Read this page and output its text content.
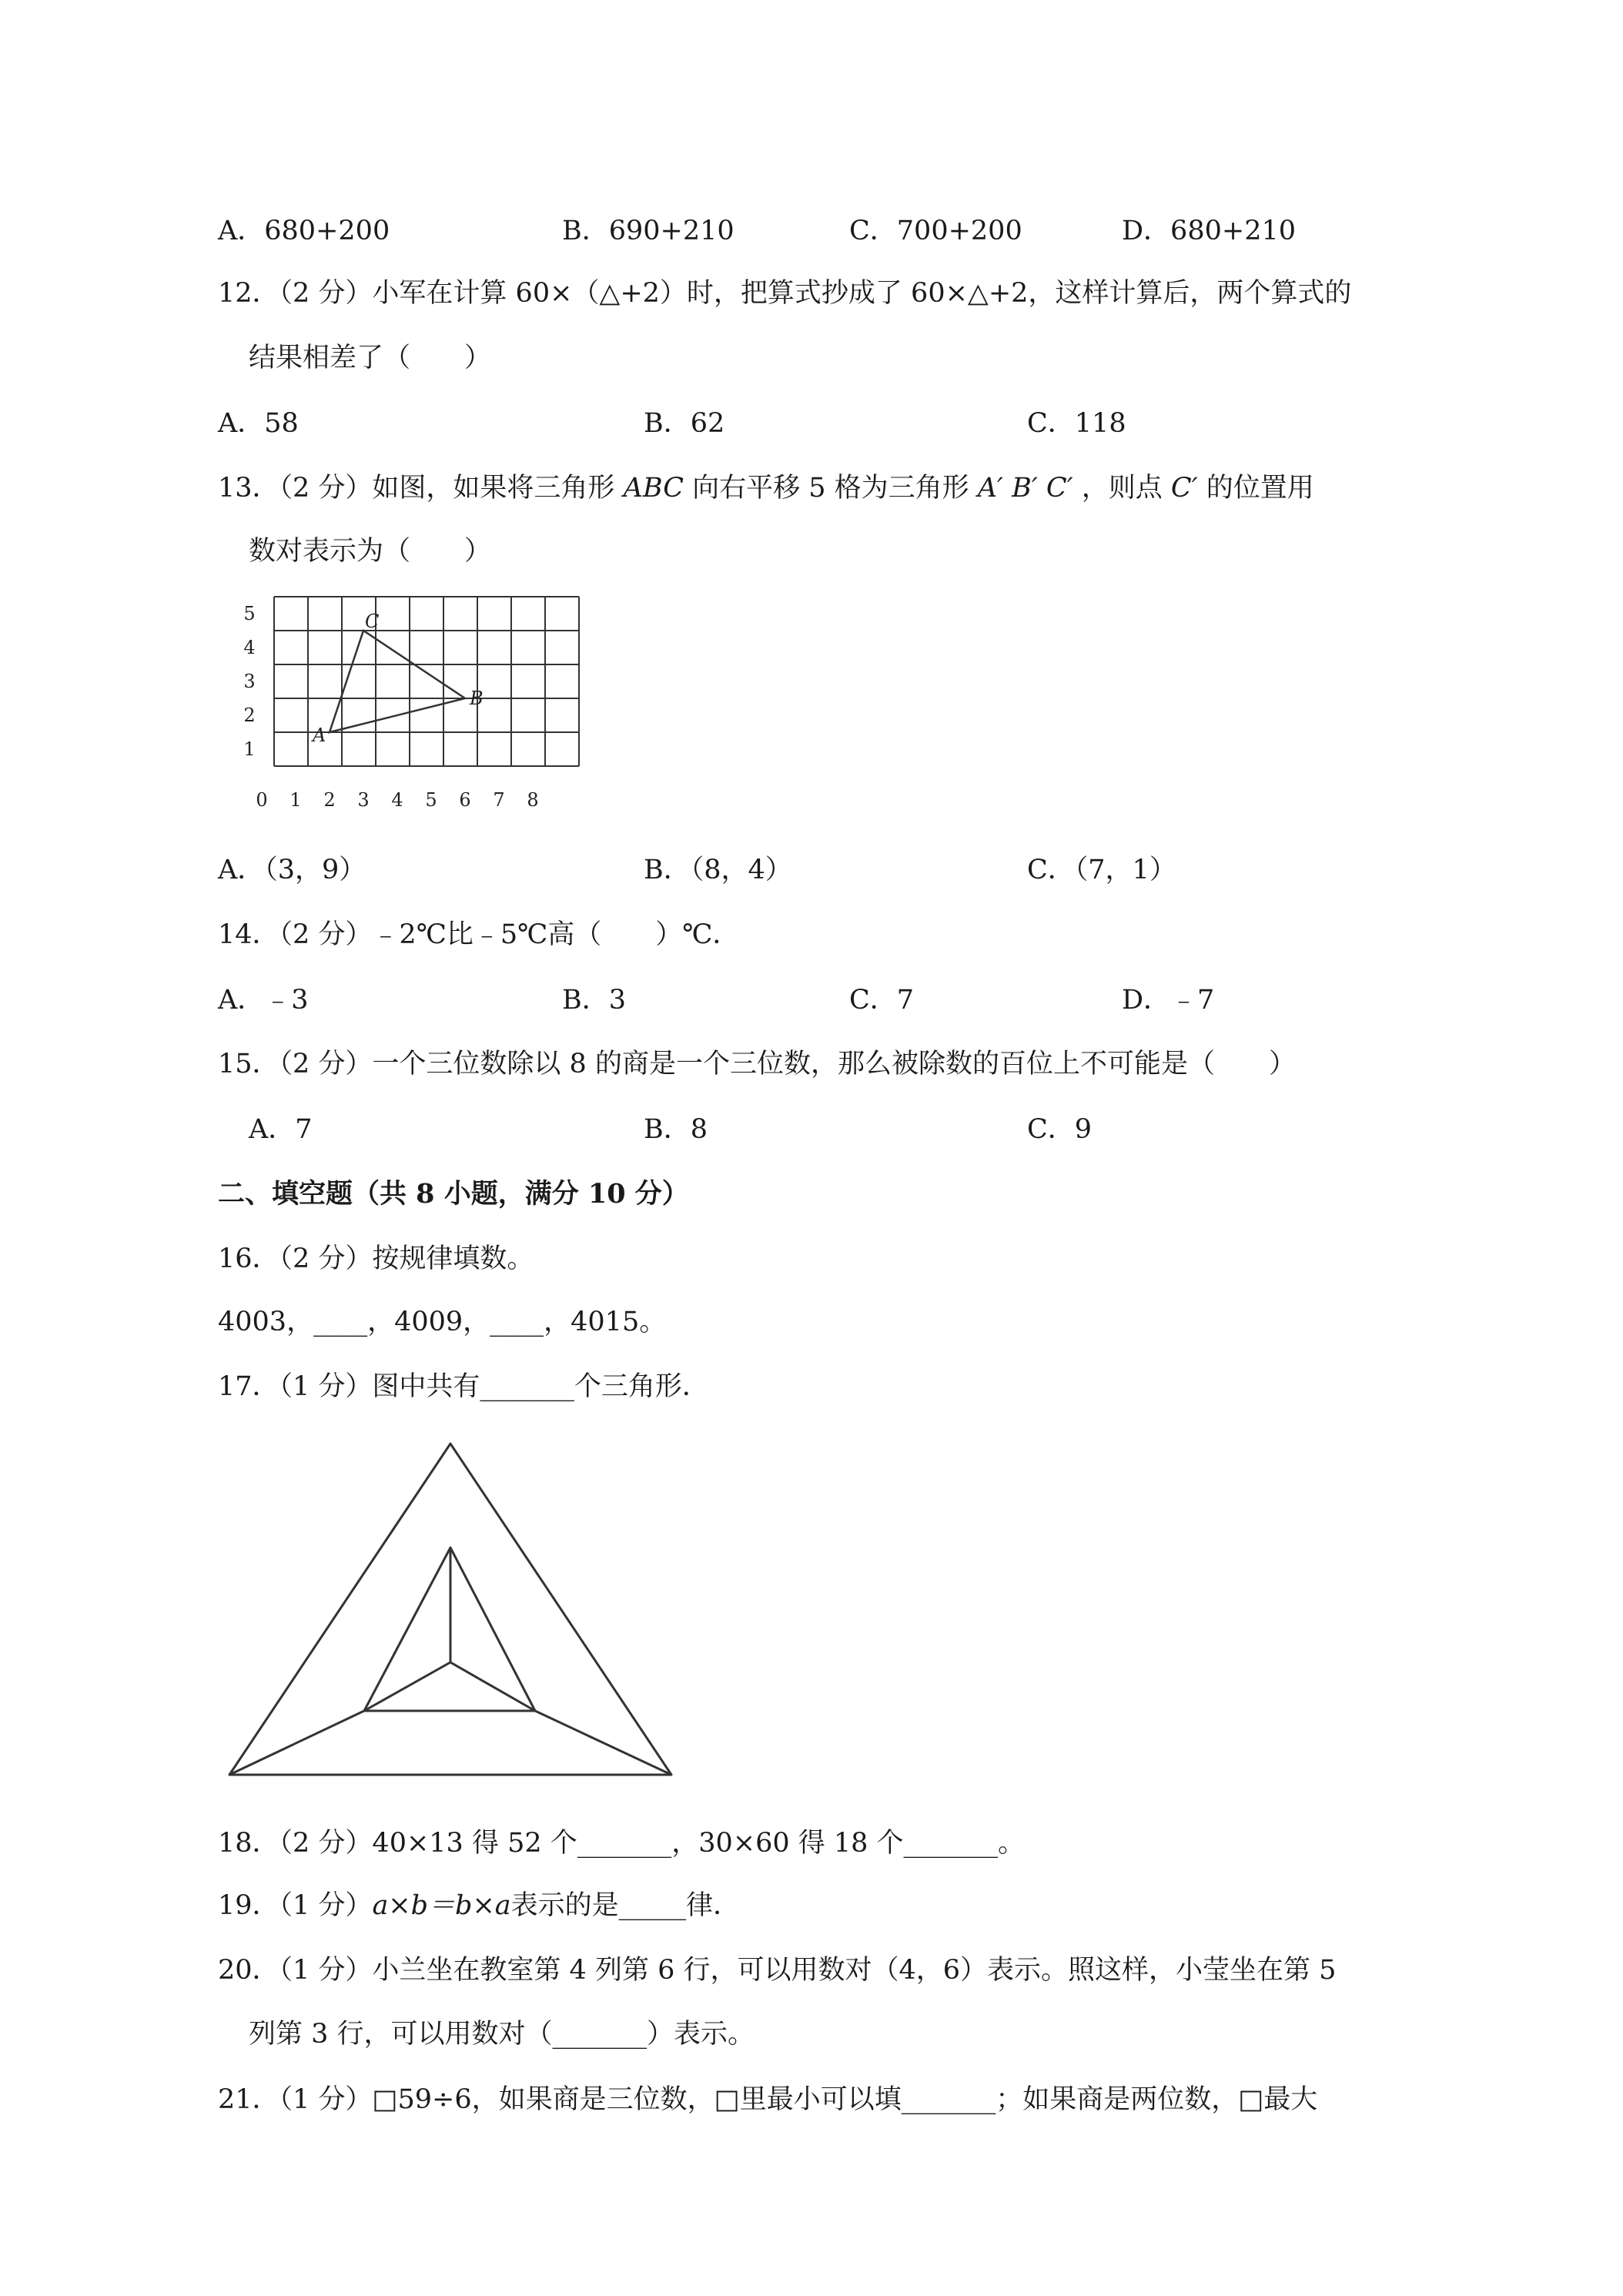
A．680+200	B．690+210	C．700+200	D．680+210
12．（2 分）小军在计算 60×（△+2）时，把算式抄成了 60×△+2，这样计算后，两个算式的
结果相差了（　　）
A．58	B．62	C．118
13．（2 分）如图，如果将三角形 ABC 向右平移 5 格为三角形 A′ B′ C′ ，则点 C′ 的位置用
数对表示为（　　）
0 1 2 3 4 5 6 7 8
1
2
3
4
5
A
B
C
A．（3，9）	B．（8，4）	C．（7，1）
14．（2 分）﹣2℃比﹣5℃高（　　）℃．
A．﹣3	B．3	C．7	D．﹣7
15．（2 分）一个三位数除以 8 的商是一个三位数，那么被除数的百位上不可能是（　　）
A．7	B．8	C．9
二、填空题（共 8 小题，满分 10 分）
16．（2 分）按规律填数。
4003，____，4009，____，4015。
17．（1 分）图中共有_______个三角形．
18．（2 分）40×13 得 52 个_______，30×60 得 18 个_______。
19．（1 分）a×b＝b×a表示的是_____律．
20．（1 分）小兰坐在教室第 4 列第 6 行，可以用数对（4，6）表示。照这样，小莹坐在第 5
列第 3 行，可以用数对（_______）表示。
21．（1 分）□59÷6，如果商是三位数，□里最小可以填_______；如果商是两位数，□最大
